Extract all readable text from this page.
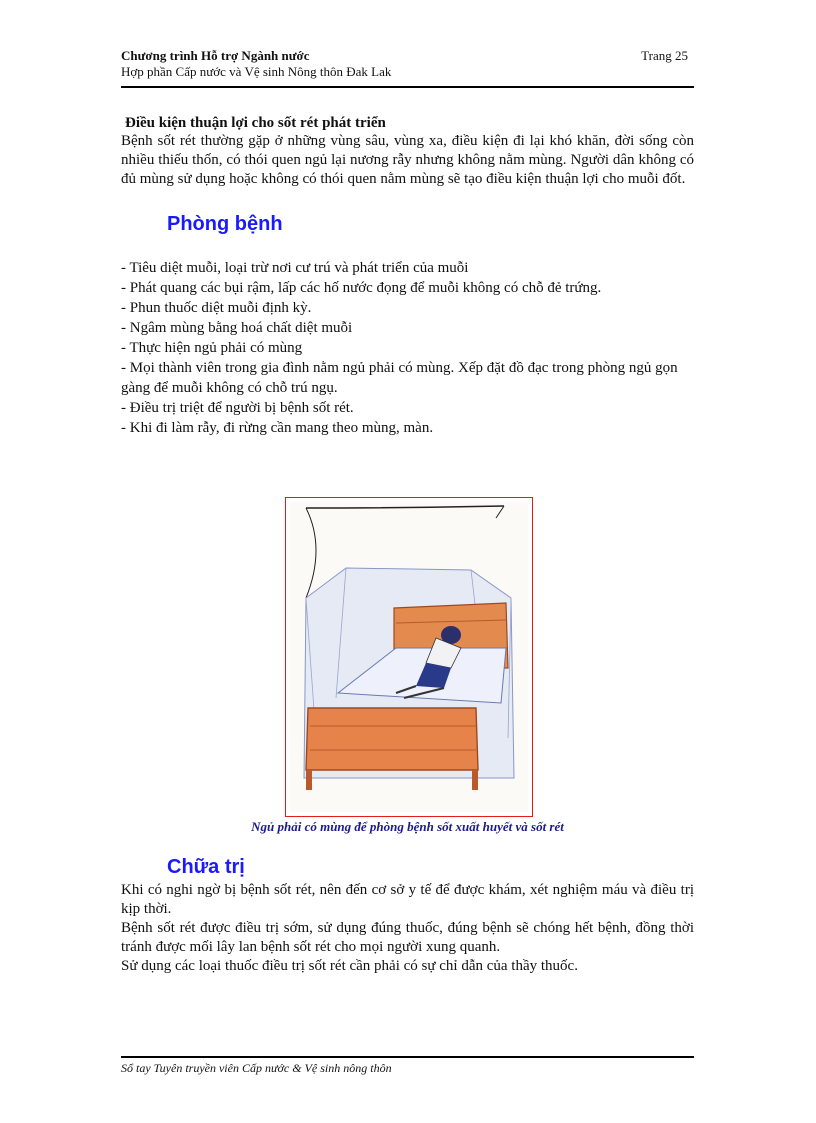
Chương trình Hỗ trợ Ngành nước
Hợp phần Cấp nước và Vệ sinh Nông thôn Đak Lak
Trang 25

Điều kiện thuận lợi cho sốt rét phát triển

Bệnh sốt rét thường gặp ở những vùng sâu, vùng xa, điều kiện đi lại khó khăn, đời sống còn nhiều thiếu thốn, có thói quen ngủ lại nương rẫy nhưng không nằm mùng. Người dân không có đủ mùng sử dụng hoặc không có thói quen nằm mùng sẽ tạo điều kiện thuận lợi cho muỗi đốt.

Phòng bệnh
- Tiêu diệt muỗi, loại trừ nơi cư trú và phát triển của muỗi
- Phát quang các bụi rậm, lấp các hố nước đọng để muỗi không có chỗ đẻ trứng.
- Phun thuốc diệt muỗi định kỳ.
- Ngâm mùng bằng hoá chất diệt muỗi
- Thực hiện ngủ phải có mùng
- Mọi thành viên trong gia đình nằm ngủ phải có mùng. Xếp đặt đồ đạc trong phòng ngủ gọn gàng để muỗi không có chỗ trú ngụ.
- Điều trị triệt để người bị bệnh sốt rét.
- Khi đi làm rẫy, đi rừng cần mang theo mùng, màn.
Ngủ phải có mùng để phòng bệnh sốt xuất huyết và sốt rét
Chữa trị

Khi có nghi ngờ bị bệnh sốt rét, nên đến cơ sở y tế để được khám, xét nghiệm máu và điều trị kịp thời.

Bệnh sốt rét được điều trị sớm, sử dụng đúng thuốc, đúng bệnh sẽ chóng hết bệnh, đồng thời tránh được mối lây lan bệnh sốt rét cho mọi người xung quanh.

Sử dụng các loại thuốc điều trị sốt rét cần phải có sự chỉ dẫn của thầy thuốc.

Sổ tay Tuyên truyền viên Cấp nước & Vệ sinh nông thôn
